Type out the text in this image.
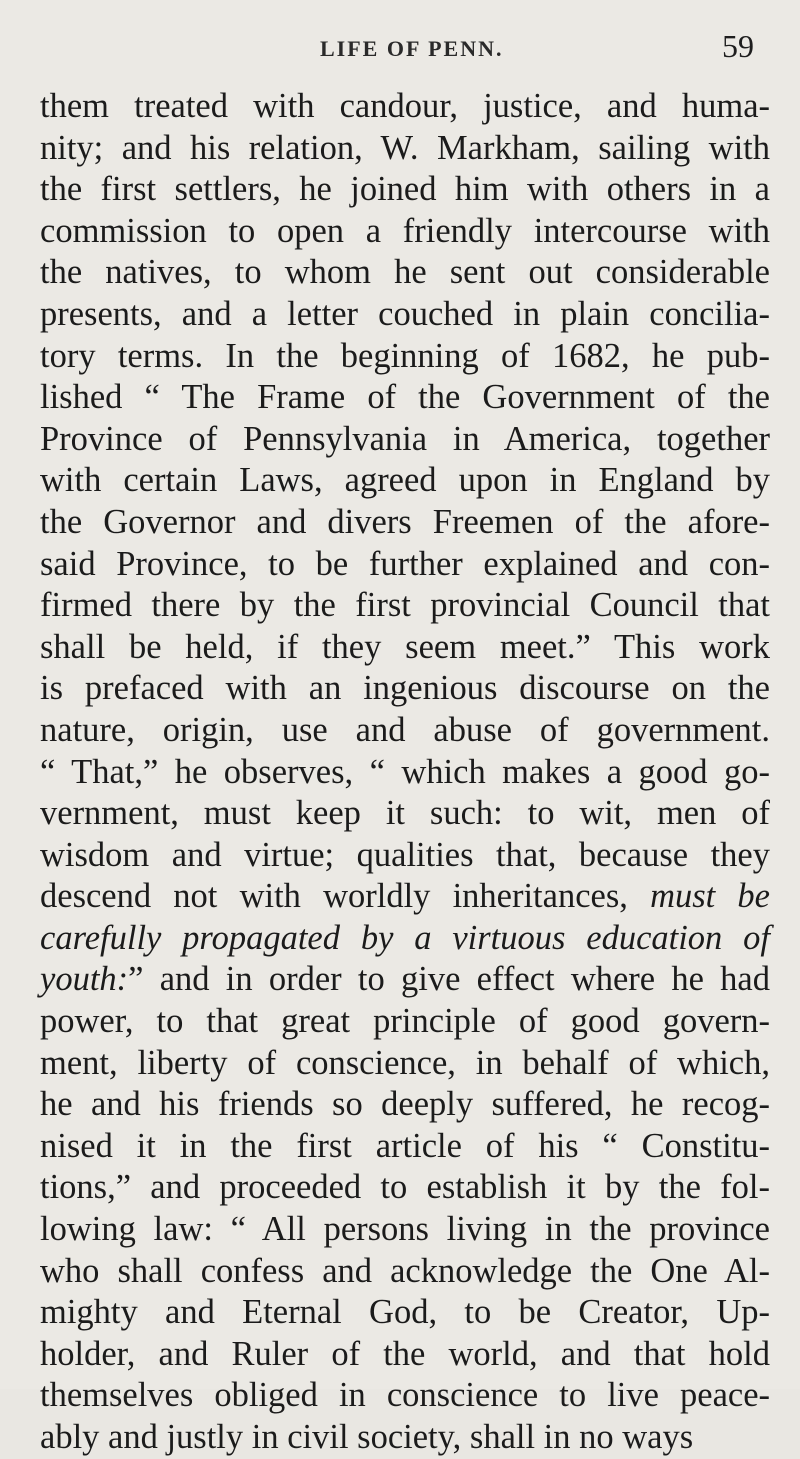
LIFE OF PENN.	59
them treated with candour, justice, and huma-
nity; and his relation, W. Markham, sailing with
the first settlers, he joined him with others in a
commission to open a friendly intercourse with
the natives, to whom he sent out considerable
presents, and a letter couched in plain concilia-
tory terms. In the beginning of 1682, he pub-
lished “ The Frame of the Government of the
Province of Pennsylvania in America, together
with certain Laws, agreed upon in England by
the Governor and divers Freemen of the afore-
said Province, to be further explained and con-
firmed there by the first provincial Council that
shall be held, if they seem meet.” This work
is prefaced with an ingenious discourse on the
nature, origin, use and abuse of government.
“ That,” he observes, “ which makes a good go-
vernment, must keep it such: to wit, men of
wisdom and virtue; qualities that, because they
descend not with worldly inheritances, must be
carefully propagated by a virtuous education of
youth:” and in order to give effect where he had
power, to that great principle of good govern-
ment, liberty of conscience, in behalf of which,
he and his friends so deeply suffered, he recog-
nised it in the first article of his “ Constitu-
tions,” and proceeded to establish it by the fol-
lowing law: “ All persons living in the province
who shall confess and acknowledge the One Al-
mighty and Eternal God, to be Creator, Up-
holder, and Ruler of the world, and that hold
themselves obliged in conscience to live peace-
ably and justly in civil society, shall in no ways
